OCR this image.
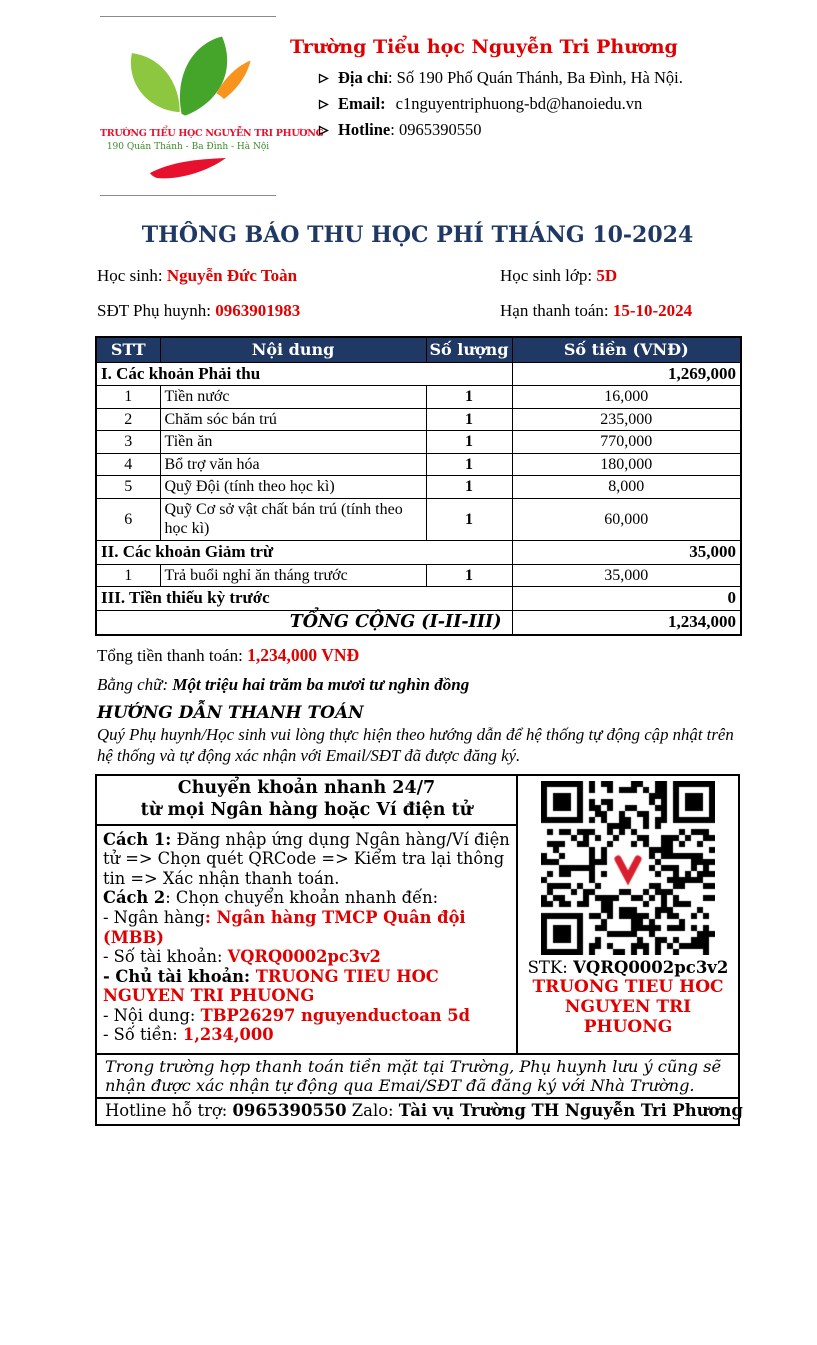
TRƯỜNG TIỂU HỌC NGUYỄN TRI PHƯƠNG
190 Quán Thánh - Ba Đình - Hà Nội
Trường Tiểu học Nguyễn Tri Phương
Địa chỉ: Số 190 Phố Quán Thánh, Ba Đình, Hà Nội.
Email: c1nguyentriphuong-bd@hanoiedu.vn
Hotline: 0965390550
THÔNG BÁO THU HỌC PHÍ THÁNG 10-2024
Học sinh: Nguyễn Đức Toàn	Học sinh lớp: 5D
SĐT Phụ huynh: 0963901983	Hạn thanh toán: 15-10-2024
STT	Nội dung	Số lượng	Số tiền (VNĐ)
I. Các khoản Phải thu			1,269,000
1	Tiền nước	1	16,000
2	Chăm sóc bán trú	1	235,000
3	Tiền ăn	1	770,000
4	Bổ trợ văn hóa	1	180,000
5	Quỹ Đội (tính theo học kì)	1	8,000
6	Quỹ Cơ sở vật chất bán trú (tính theo học kì)	1	60,000
II. Các khoản Giảm trừ			35,000
1	Trả buổi nghỉ ăn tháng trước	1	35,000
III. Tiền thiếu kỳ trước			0
TỔNG CỘNG (I-II-III)			1,234,000
Tổng tiền thanh toán: 1,234,000 VNĐ
Bằng chữ: Một triệu hai trăm ba mươi tư nghìn đồng
HƯỚNG DẪN THANH TOÁN
Quý Phụ huynh/Học sinh vui lòng thực hiện theo hướng dẫn để hệ thống tự động cập nhật trên hệ thống và tự động xác nhận với Email/SĐT đã được đăng ký.
Chuyển khoản nhanh 24/7
từ mọi Ngân hàng hoặc Ví điện tử
Cách 1: Đăng nhập ứng dụng Ngân hàng/Ví điện tử => Chọn quét QRCode => Kiểm tra lại thông tin => Xác nhận thanh toán.
Cách 2: Chọn chuyển khoản nhanh đến:
- Ngân hàng: Ngân hàng TMCP Quân đội (MBB)
- Số tài khoản: VQRQ0002pc3v2
- Chủ tài khoản: TRUONG TIEU HOC NGUYEN TRI PHUONG
- Nội dung: TBP26297 nguyenductoan 5d
- Số tiền: 1,234,000
STK: VQRQ0002pc3v2
TRUONG TIEU HOC
NGUYEN TRI PHUONG
Trong trường hợp thanh toán tiền mặt tại Trường, Phụ huynh lưu ý cũng sẽ nhận được xác nhận tự động qua Emai/SĐT đã đăng ký với Nhà Trường.
Hotline hỗ trợ: 0965390550 Zalo: Tài vụ Trường TH Nguyễn Tri Phương
